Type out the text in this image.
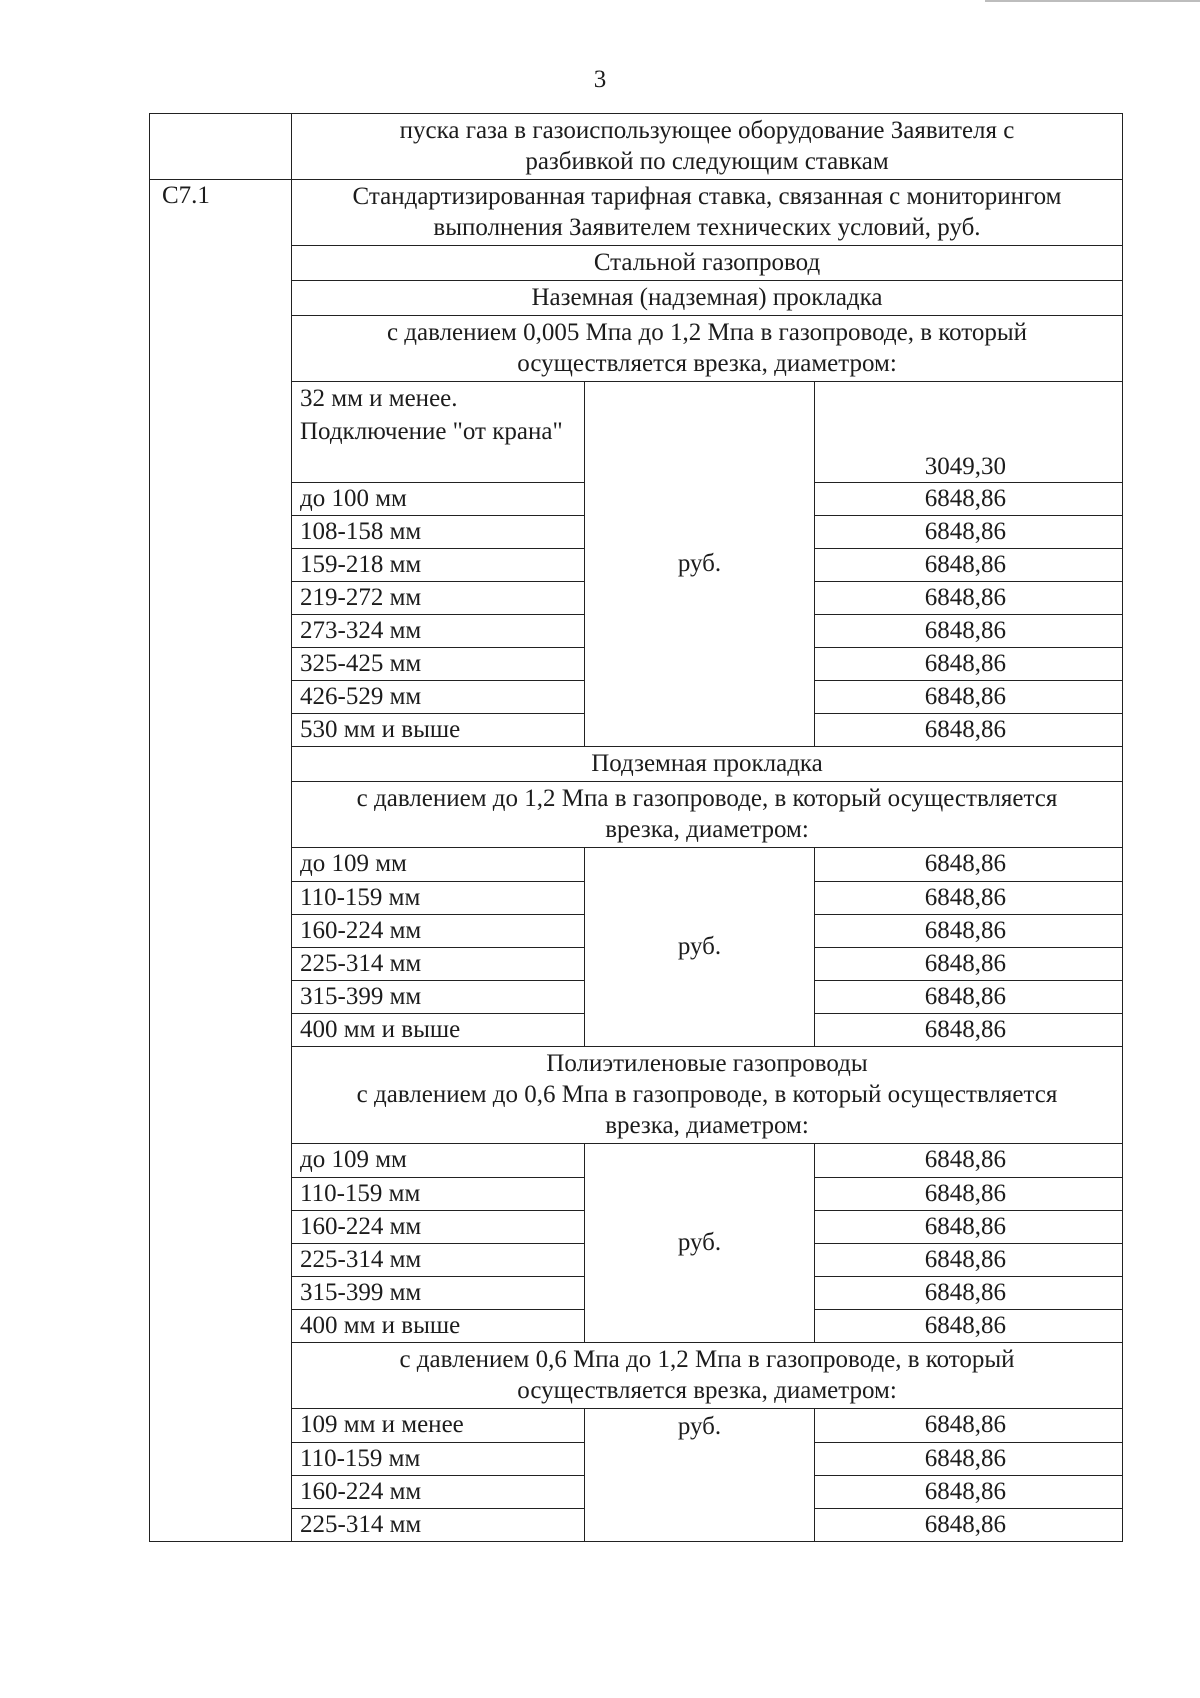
3
пуска газа в газоиспользующее оборудование Заявителя с
разбивкой по следующим ставкам
С7.1	Стандартизированная тарифная ставка, связанная с мониторингом
выполнения Заявителем технических условий, руб.
Стальной газопровод
Наземная (надземная) прокладка
с давлением 0,005 Мпа до 1,2 Мпа в газопроводе, в который
осуществляется врезка, диаметром:
32 мм и менее. Подключение "от крана"
до 100 мм
108-158 мм
159-218 мм
219-272 мм
273-324 мм
325-425 мм
426-529 мм
530 мм и выше
руб.
3049,30
6848,86
6848,86
6848,86
6848,86
6848,86
6848,86
6848,86
6848,86
Подземная прокладка
с давлением до 1,2 Мпа в газопроводе, в который осуществляется
врезка, диаметром:
до 109 мм
110-159 мм
160-224 мм
225-314 мм
315-399 мм
400 мм и выше
руб.
6848,86
6848,86
6848,86
6848,86
6848,86
6848,86
Полиэтиленовые газопроводы
с давлением до 0,6 Мпа в газопроводе, в который осуществляется
врезка, диаметром:
до 109 мм
110-159 мм
160-224 мм
225-314 мм
315-399 мм
400 мм и выше
руб.
6848,86
6848,86
6848,86
6848,86
6848,86
6848,86
с давлением 0,6 Мпа до 1,2 Мпа в газопроводе, в который
осуществляется врезка, диаметром:
109 мм и менее
110-159 мм
160-224 мм
225-314 мм
руб.	6848,86
6848,86
6848,86
6848,86
